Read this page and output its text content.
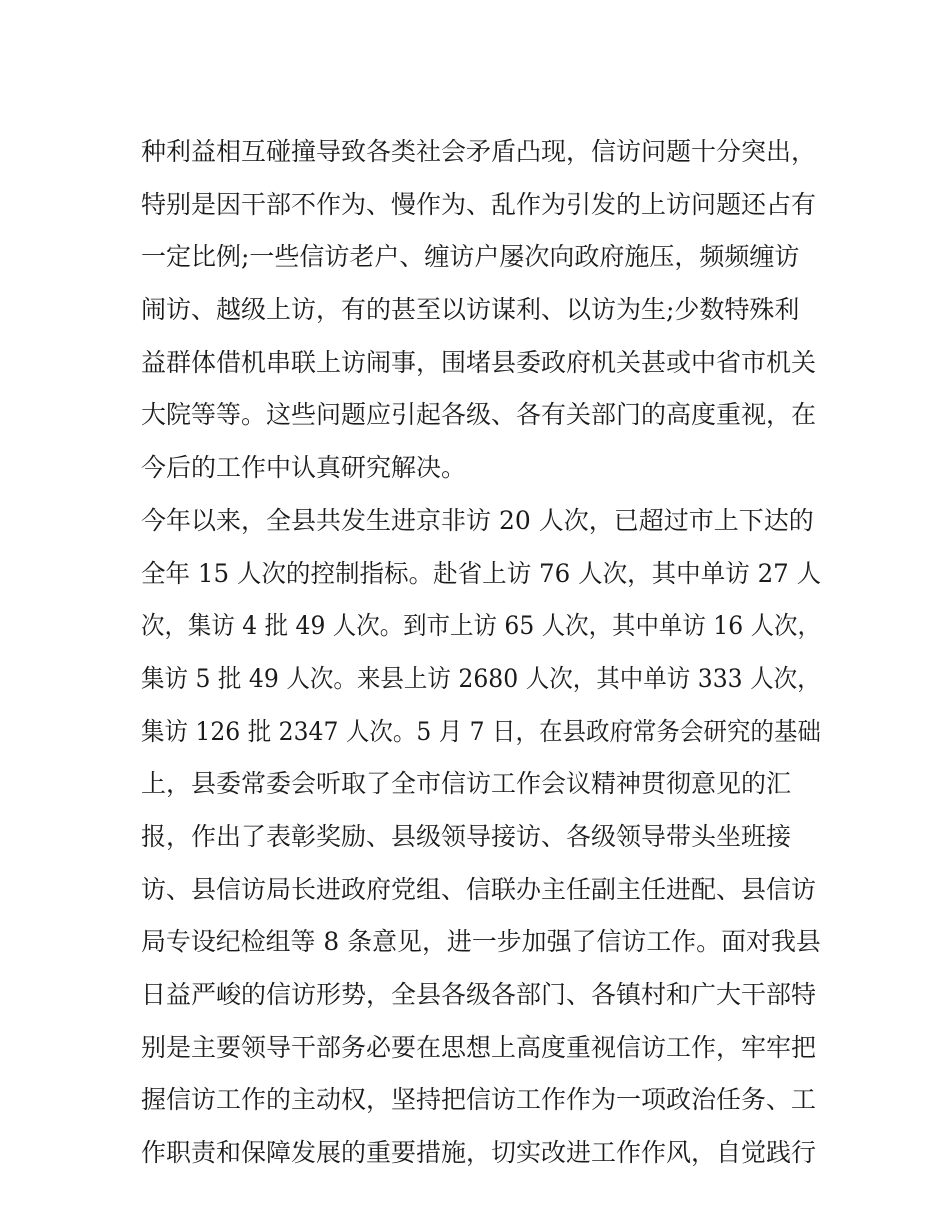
种利益相互碰撞导致各类社会矛盾凸现，信访问题十分突出，
特别是因干部不作为、慢作为、乱作为引发的上访问题还占有
一定比例;一些信访老户、缠访户屡次向政府施压，频频缠访
闹访、越级上访，有的甚至以访谋利、以访为生;少数特殊利
益群体借机串联上访闹事，围堵县委政府机关甚或中省市机关
大院等等。这些问题应引起各级、各有关部门的高度重视，在
今后的工作中认真研究解决。
今年以来，全县共发生进京非访 20 人次，已超过市上下达的
全年 15 人次的控制指标。赴省上访 76 人次，其中单访 27 人
次，集访 4 批 49 人次。到市上访 65 人次，其中单访 16 人次，
集访 5 批 49 人次。来县上访 2680 人次，其中单访 333 人次，
集访 126 批 2347 人次。5 月 7 日，在县政府常务会研究的基础
上，县委常委会听取了全市信访工作会议精神贯彻意见的汇
报，作出了表彰奖励、县级领导接访、各级领导带头坐班接
访、县信访局长进政府党组、信联办主任副主任进配、县信访
局专设纪检组等 8 条意见，进一步加强了信访工作。面对我县
日益严峻的信访形势，全县各级各部门、各镇村和广大干部特
别是主要领导干部务必要在思想上高度重视信访工作，牢牢把
握信访工作的主动权，坚持把信访工作作为一项政治任务、工
作职责和保障发展的重要措施，切实改进工作作风，自觉践行
